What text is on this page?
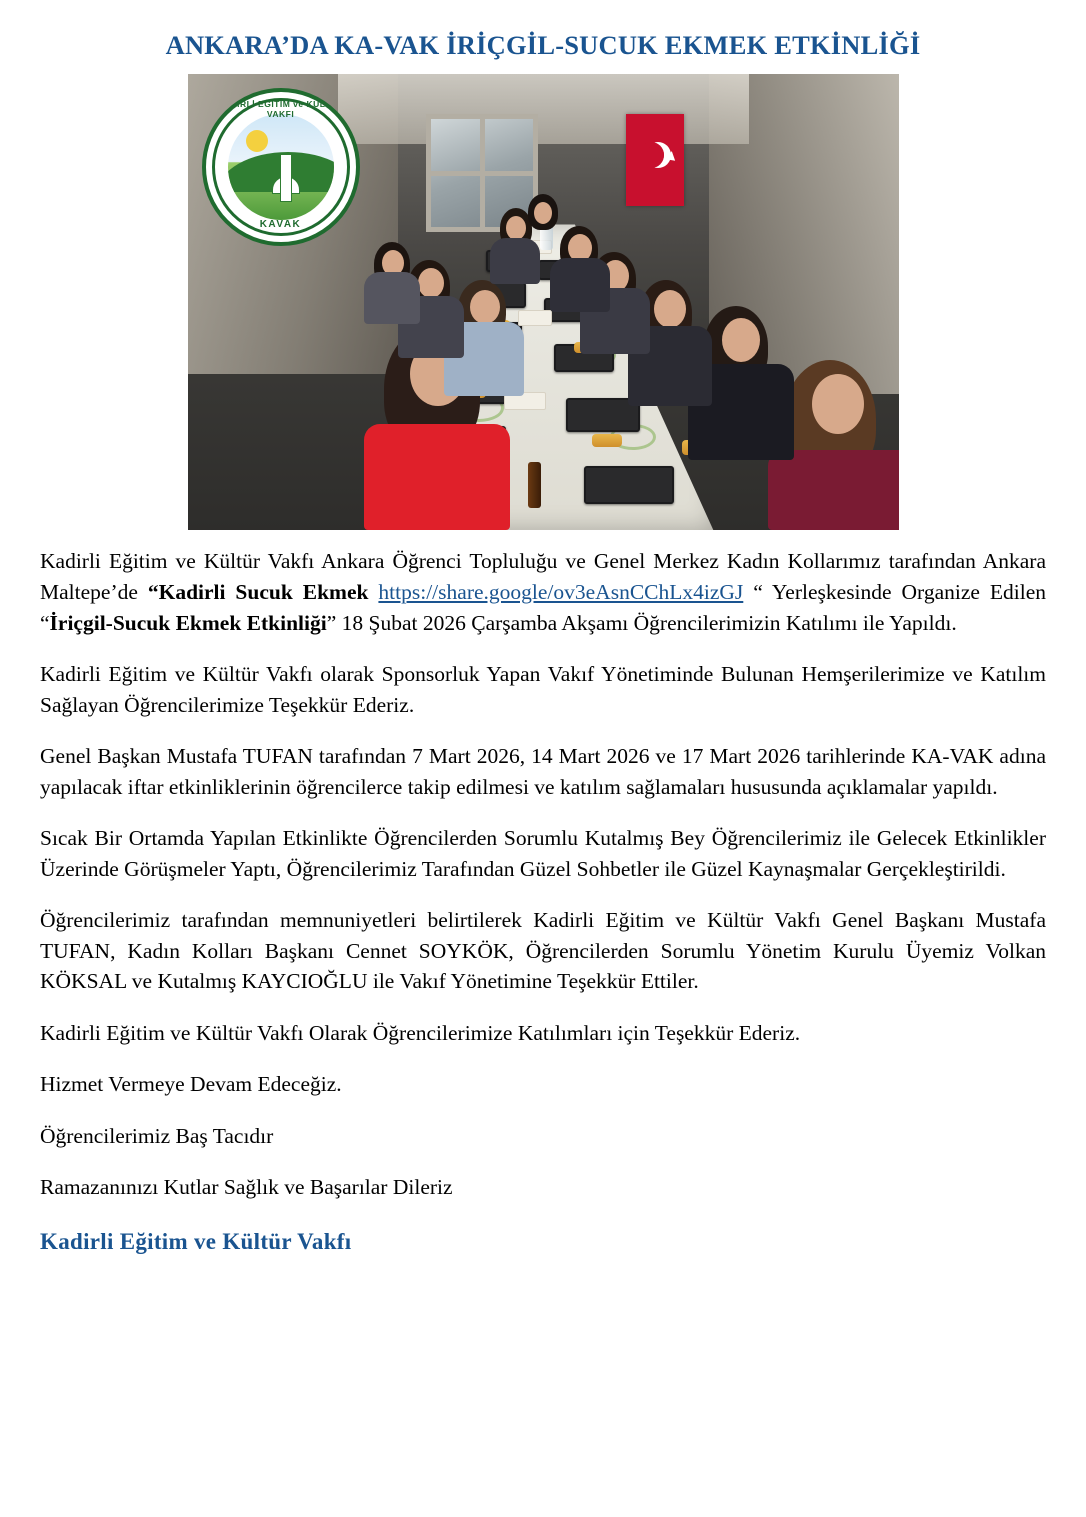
ANKARA’DA KA-VAK İRİÇGİL-SUCUK EKMEK ETKİNLİĞİ
KADİRLİ EĞİTİM ve KÜLTÜR VAKFI
KAVAK

Kadirli Eğitim ve Kültür Vakfı Ankara Öğrenci Topluluğu ve Genel Merkez Kadın Kollarımız tarafından Ankara Maltepe’de “Kadirli Sucuk Ekmek https://share.google/ov3eAsnCChLx4izGJ “ Yerleşkesinde Organize Edilen “İriçgil-Sucuk Ekmek Etkinliği” 18 Şubat 2026 Çarşamba Akşamı Öğrencilerimizin Katılımı ile Yapıldı.

Kadirli Eğitim ve Kültür Vakfı olarak Sponsorluk Yapan Vakıf Yönetiminde Bulunan Hemşerilerimize ve Katılım Sağlayan Öğrencilerimize Teşekkür Ederiz.

Genel Başkan Mustafa TUFAN tarafından 7 Mart 2026, 14 Mart 2026 ve 17 Mart 2026 tarihlerinde KA-VAK adına yapılacak iftar etkinliklerinin öğrencilerce takip edilmesi ve katılım sağlamaları hususunda açıklamalar yapıldı.

Sıcak Bir Ortamda Yapılan Etkinlikte Öğrencilerden Sorumlu Kutalmış Bey Öğrencilerimiz ile Gelecek Etkinlikler Üzerinde Görüşmeler Yaptı, Öğrencilerimiz Tarafından Güzel Sohbetler ile Güzel Kaynaşmalar Gerçekleştirildi.

Öğrencilerimiz tarafından memnuniyetleri belirtilerek Kadirli Eğitim ve Kültür Vakfı Genel Başkanı Mustafa TUFAN, Kadın Kolları Başkanı Cennet SOYKÖK, Öğrencilerden Sorumlu Yönetim Kurulu Üyemiz Volkan KÖKSAL ve Kutalmış KAYCIOĞLU ile Vakıf Yönetimine Teşekkür Ettiler.

Kadirli Eğitim ve Kültür Vakfı Olarak Öğrencilerimize Katılımları için Teşekkür Ederiz.

Hizmet Vermeye Devam Edeceğiz.

Öğrencilerimiz Baş Tacıdır

Ramazanınızı Kutlar Sağlık ve Başarılar Dileriz

Kadirli Eğitim ve Kültür Vakfı
